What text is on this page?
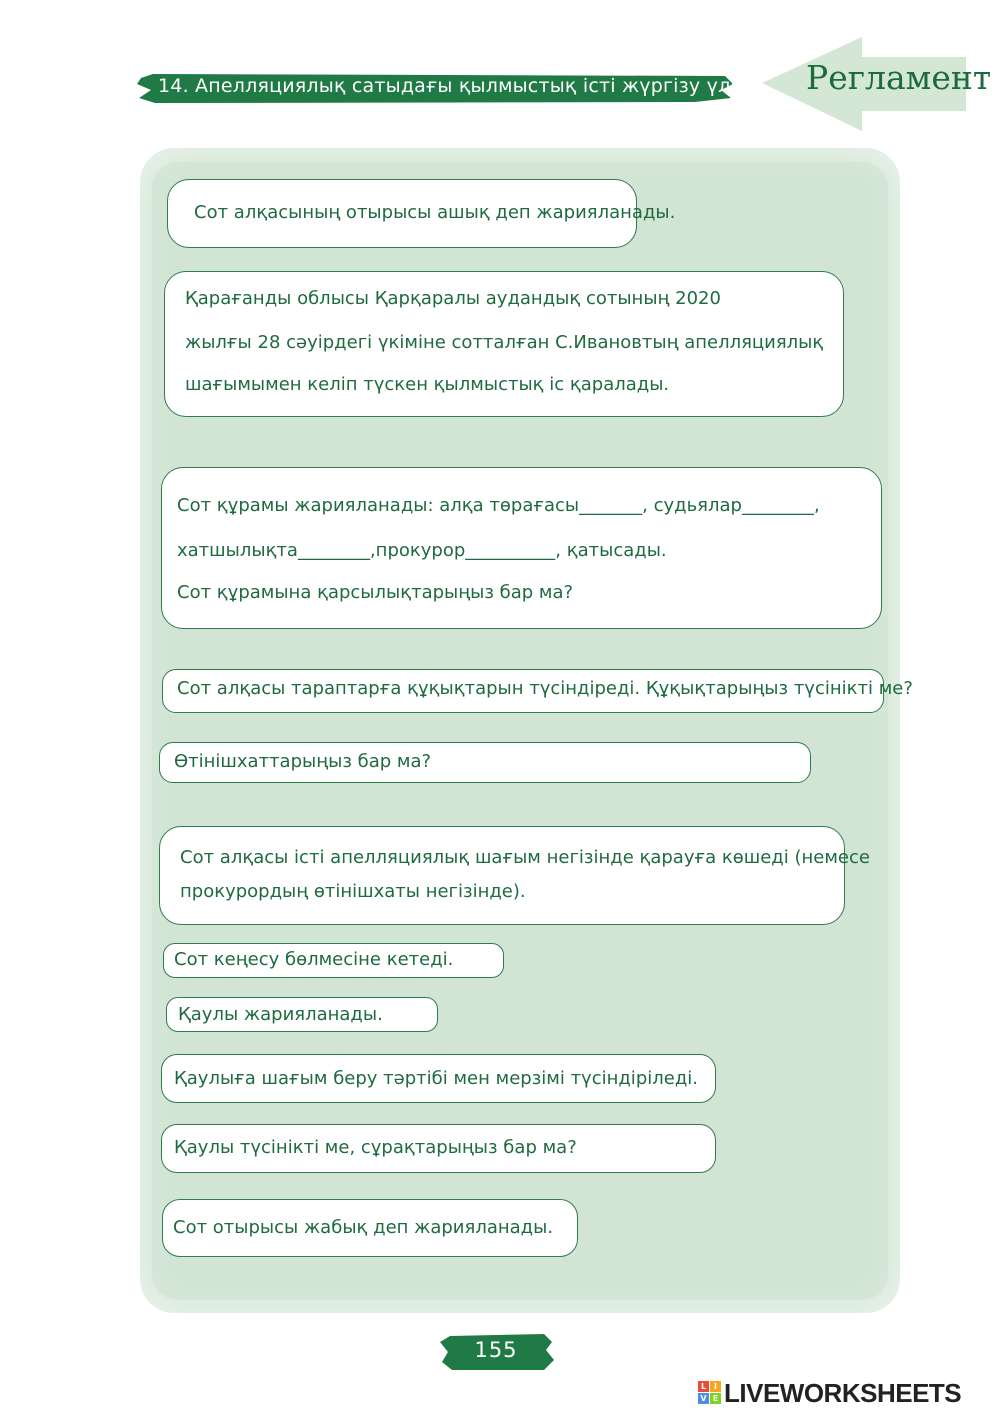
14. Апелляциялық сатыдағы қылмыстық істі жүргізу үлгісі Регламент
Сот алқасының отырысы ашық деп жарияланады.
Қарағанды облысы Қарқаралы аудандық сотының 2020
жылғы 28 сәуірдегі үкіміне сотталған С.Ивановтың апелляциялық
шағымымен келіп түскен қылмыстық іс қаралады.
Сот құрамы жарияланады: алқа төрағасы_______, судьялар________,
хатшылықта________,прокурор__________, қатысады.
Сот құрамына қарсылықтарыңыз бар ма?
Сот алқасы тараптарға құқықтарын түсіндіреді. Құқықтарыңыз түсінікті ме?
Өтінішхаттарыңыз бар ма?
Сот алқасы істі апелляциялық шағым негізінде қарауға көшеді (немесе
прокурордың өтінішхаты негізінде).
Сот кеңесу бөлмесіне кетеді.
Қаулы жарияланады.
Қаулыға шағым беру тәртібі мен мерзімі түсіндіріледі.
Қаулы түсінікті ме, сұрақтарыңыз бар ма?
Сот отырысы жабық деп жарияланады.
155
L I
V E LIVEWORKSHEETS
